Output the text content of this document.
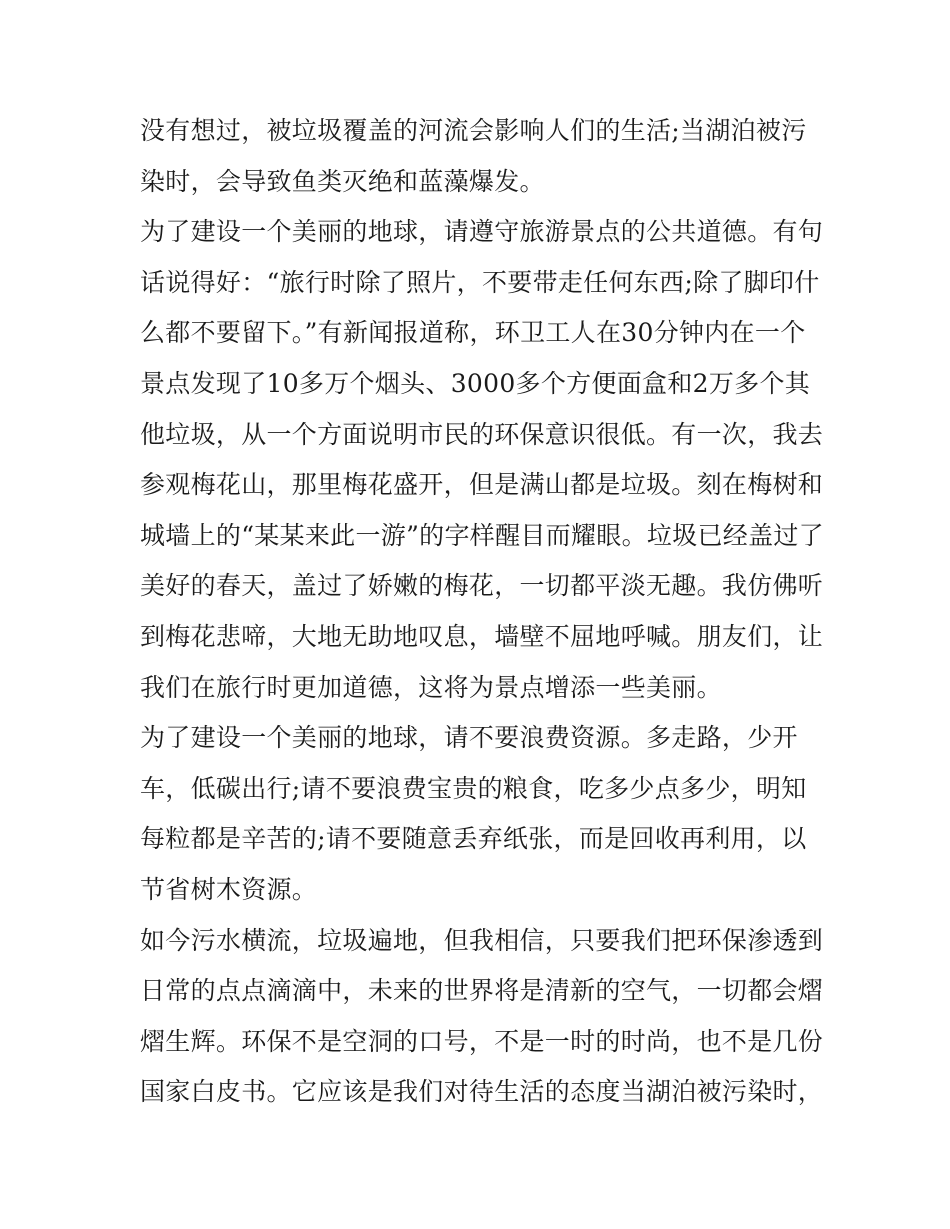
没有想过，被垃圾覆盖的河流会影响人们的生活;当湖泊被污
染时，会导致鱼类灭绝和蓝藻爆发。
为了建设一个美丽的地球，请遵守旅游景点的公共道德。有句
话说得好：“旅行时除了照片，不要带走任何东西;除了脚印什
么都不要留下。”有新闻报道称，环卫工人在30分钟内在一个
景点发现了10多万个烟头、3000多个方便面盒和2万多个其
他垃圾，从一个方面说明市民的环保意识很低。有一次，我去
参观梅花山，那里梅花盛开，但是满山都是垃圾。刻在梅树和
城墙上的“某某来此一游”的字样醒目而耀眼。垃圾已经盖过了
美好的春天，盖过了娇嫩的梅花，一切都平淡无趣。我仿佛听
到梅花悲啼，大地无助地叹息，墙壁不屈地呼喊。朋友们，让
我们在旅行时更加道德，这将为景点增添一些美丽。
为了建设一个美丽的地球，请不要浪费资源。多走路，少开
车，低碳出行;请不要浪费宝贵的粮食，吃多少点多少，明知
每粒都是辛苦的;请不要随意丢弃纸张，而是回收再利用，以
节省树木资源。
如今污水横流，垃圾遍地，但我相信，只要我们把环保渗透到
日常的点点滴滴中，未来的世界将是清新的空气，一切都会熠
熠生辉。环保不是空洞的口号，不是一时的时尚，也不是几份
国家白皮书。它应该是我们对待生活的态度当湖泊被污染时，
